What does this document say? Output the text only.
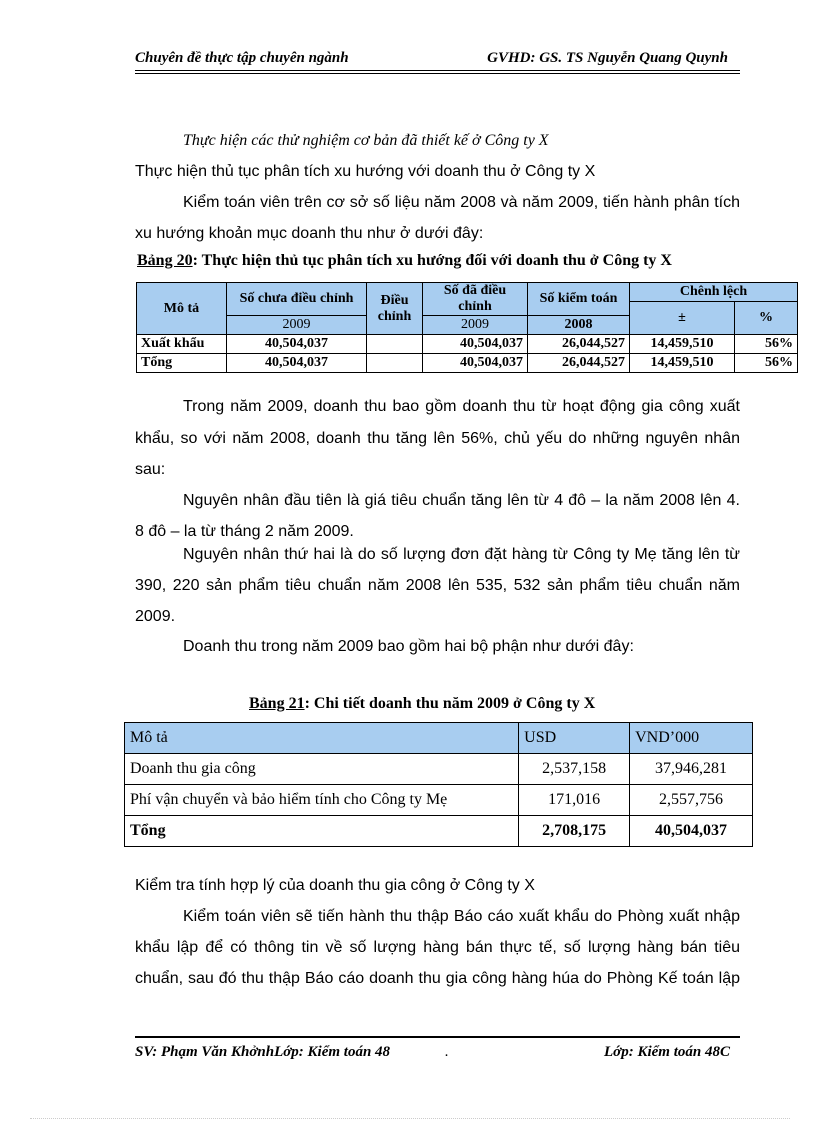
Chuyên đề thực tập chuyên ngành	GVHD: GS. TS Nguyễn Quang Quynh
Thực hiện các thử nghiệm cơ bản đã thiết kế ở Công ty X
Thực hiện thủ tục phân tích xu hướng với doanh thu ở Công ty X
Kiểm toán viên trên cơ sở số liệu năm 2008 và năm 2009, tiến hành phân tích
xu hướng khoản mục doanh thu như ở dưới đây:
Bảng 20: Thực hiện thủ tục phân tích xu hướng đối với doanh thu ở Công ty X
Mô tả	Số chưa điều chỉnh	Điều chỉnh	Số đã điều chỉnh	Số kiểm toán	Chênh lệch	
					±	%
	2009		2009	2008		
Xuất khẩu	40,504,037		40,504,037	26,044,527	14,459,510	56%
Tổng	40,504,037		40,504,037	26,044,527	14,459,510	56%
Trong năm 2009, doanh thu bao gồm doanh thu từ hoạt động gia công xuất
khẩu, so với năm 2008, doanh thu tăng lên 56%, chủ yếu do những nguyên nhân
sau:
Nguyên nhân đầu tiên là giá tiêu chuẩn tăng lên từ 4 đô – la năm 2008 lên 4.
8 đô – la từ tháng 2 năm 2009.
Nguyên nhân thứ hai là do số lượng đơn đặt hàng từ Công ty Mẹ tăng lên từ
390, 220 sản phẩm tiêu chuẩn năm 2008 lên 535, 532 sản phẩm tiêu chuẩn năm
2009.
Doanh thu trong năm 2009 bao gồm hai bộ phận như dưới đây:
Bảng 21: Chi tiết doanh thu năm 2009 ở Công ty X
Mô tả	USD	VND’000
Doanh thu gia công	2,537,158	37,946,281
Phí vận chuyển và bảo hiểm tính cho Công ty Mẹ	171,016	2,557,756
Tổng	2,708,175	40,504,037
Kiểm tra tính hợp lý của doanh thu gia công ở Công ty X
Kiểm toán viên sẽ tiến hành thu thập Báo cáo xuất khẩu do Phòng xuất nhập
khẩu lập để có thông tin về số lượng hàng bán thực tế, số lượng hàng bán tiêu
chuẩn, sau đó thu thập Báo cáo doanh thu gia công hàng húa do Phòng Kế toán lập
SV: Phạm Văn KhởnhLớp: Kiểm toán 48	.	Lớp: Kiểm toán 48C
